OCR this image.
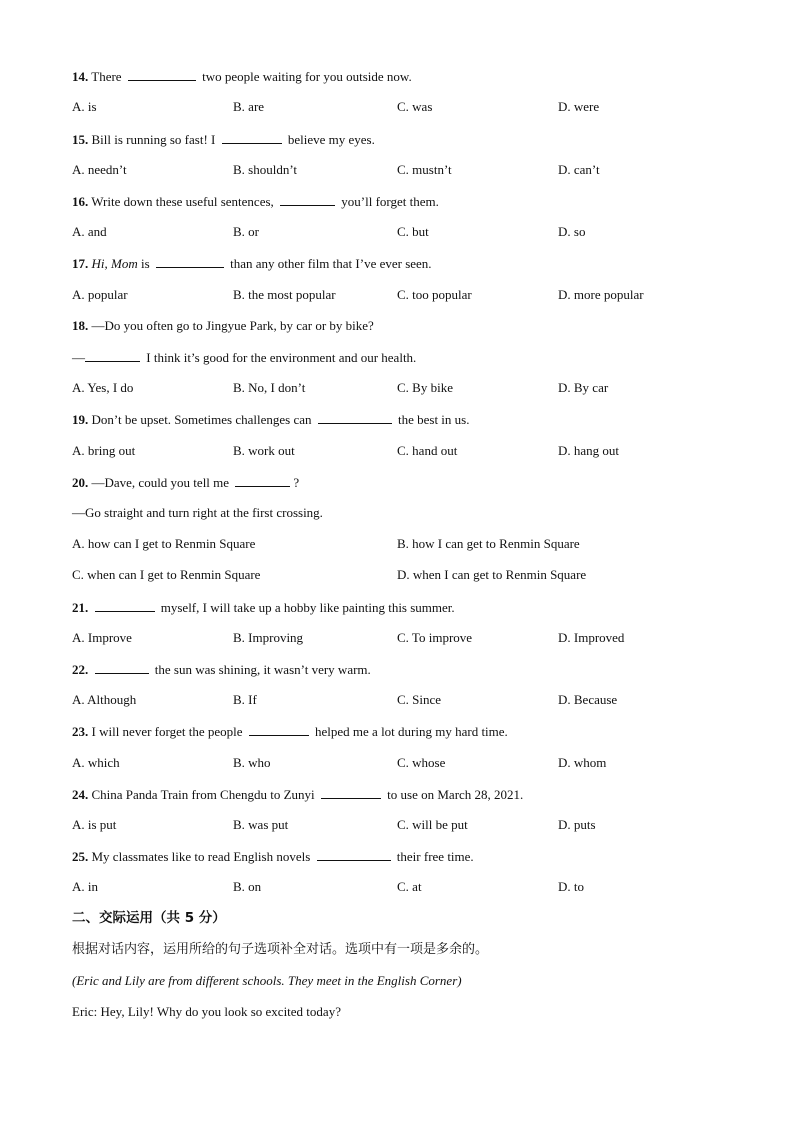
14. There	two people waiting for you outside now.
A. is	B. are	C. was	D. were
15. Bill is running so fast! I	believe my eyes.
A. needn’t	B. shouldn’t	C. mustn’t	D. can’t
16. Write down these useful sentences,	you’ll forget them.
A. and	B. or	C. but	D. so
17. Hi, Mom is	than any other film that I’ve ever seen.
A. popular	B. the most popular	C. too popular	D. more popular
18. —Do you often go to Jingyue Park, by car or by bike?
—	I think it’s good for the environment and our health.
A. Yes, I do	B. No, I don’t	C. By bike	D. By car
19. Don’t be upset. Sometimes challenges can	the best in us.
A. bring out	B. work out	C. hand out	D. hang out
20. —Dave, could you tell me	?
—Go straight and turn right at the first crossing.
A. how can I get to Renmin Square	B. how I can get to Renmin Square
C. when can I get to Renmin Square	D. when I can get to Renmin Square
21.	myself, I will take up a hobby like painting this summer.
A. Improve	B. Improving	C. To improve	D. Improved
22.	the sun was shining, it wasn’t very warm.
A. Although	B. If	C. Since	D. Because
23. I will never forget the people	helped me a lot during my hard time.
A. which	B. who	C. whose	D. whom
24. China Panda Train from Chengdu to Zunyi	to use on March 28, 2021.
A. is put	B. was put	C. will be put	D. puts
25. My classmates like to read English novels	their free time.
A. in	B. on	C. at	D. to
二、交际运用（共 5 分）
根据对话内容，运用所给的句子选项补全对话。选项中有一项是多余的。
(Eric and Lily are from different schools. They meet in the English Corner)
Eric: Hey, Lily! Why do you look so excited today?
